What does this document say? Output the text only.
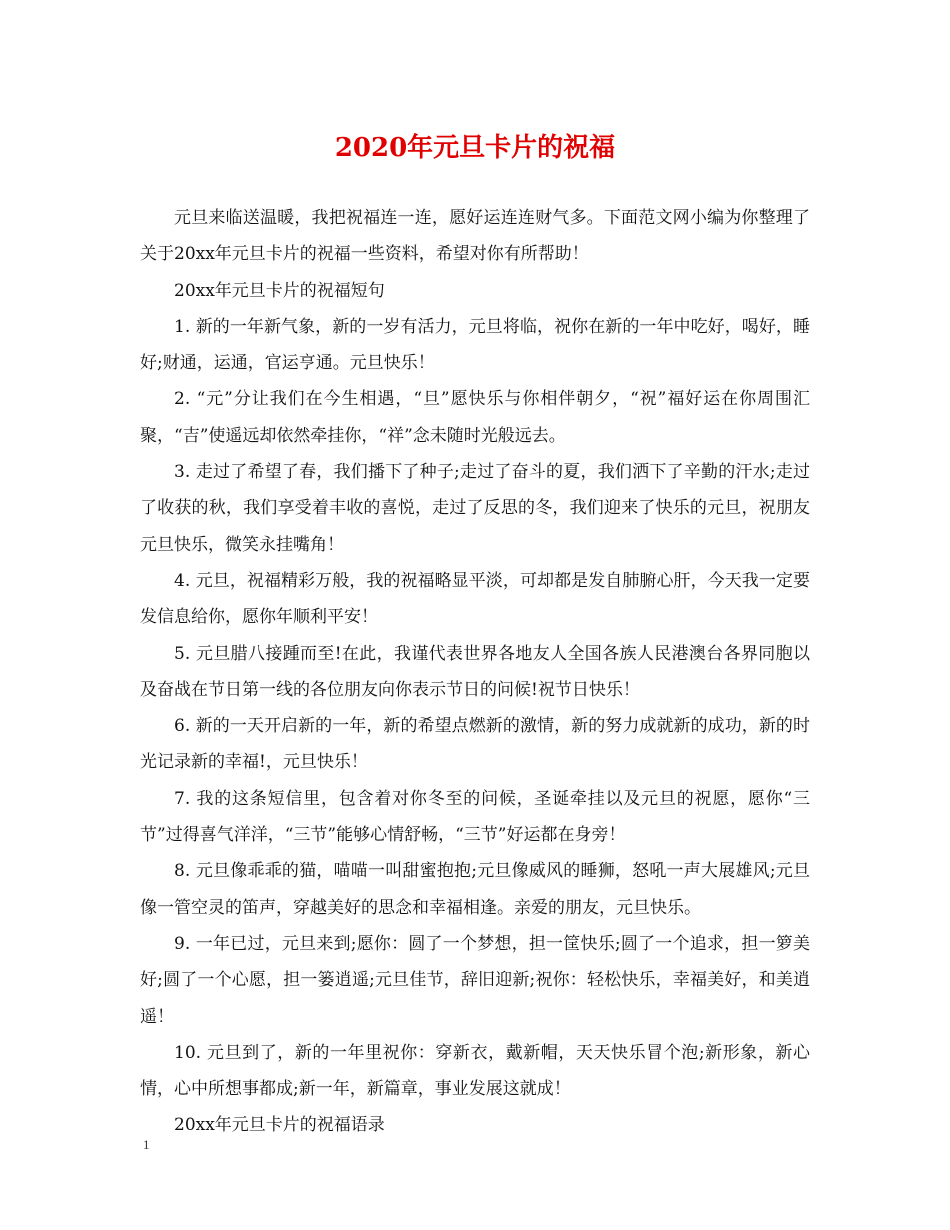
2020年元旦卡片的祝福

元旦来临送温暖，我把祝福连一连，愿好运连连财气多。下面范文网小编为你整理了关于20xx年元旦卡片的祝福一些资料，希望对你有所帮助！

20xx年元旦卡片的祝福短句

1. 新的一年新气象，新的一岁有活力，元旦将临，祝你在新的一年中吃好，喝好，睡好;财通，运通，官运亨通。元旦快乐！

2. “元”分让我们在今生相遇，“旦”愿快乐与你相伴朝夕，“祝”福好运在你周围汇聚，“吉”使遥远却依然牵挂你，“祥”念未随时光般远去。

3. 走过了希望了春，我们播下了种子;走过了奋斗的夏，我们洒下了辛勤的汗水;走过了收获的秋，我们享受着丰收的喜悦，走过了反思的冬，我们迎来了快乐的元旦，祝朋友元旦快乐，微笑永挂嘴角！

4. 元旦，祝福精彩万般，我的祝福略显平淡，可却都是发自肺腑心肝，今天我一定要发信息给你，愿你年顺利平安！

5. 元旦腊八接踵而至!在此，我谨代表世界各地友人全国各族人民港澳台各界同胞以及奋战在节日第一线的各位朋友向你表示节日的问候!祝节日快乐！

6. 新的一天开启新的一年，新的希望点燃新的激情，新的努力成就新的成功，新的时光记录新的幸福!，元旦快乐！

7. 我的这条短信里，包含着对你冬至的问候，圣诞牵挂以及元旦的祝愿，愿你“三节”过得喜气洋洋，“三节”能够心情舒畅，“三节”好运都在身旁！

8. 元旦像乖乖的猫，喵喵一叫甜蜜抱抱;元旦像威风的睡狮，怒吼一声大展雄风;元旦像一管空灵的笛声，穿越美好的思念和幸福相逢。亲爱的朋友，元旦快乐。

9. 一年已过，元旦来到;愿你：圆了一个梦想，担一筐快乐;圆了一个追求，担一箩美好;圆了一个心愿，担一篓逍遥;元旦佳节，辞旧迎新;祝你：轻松快乐，幸福美好，和美逍遥！

10. 元旦到了，新的一年里祝你：穿新衣，戴新帽，天天快乐冒个泡;新形象，新心情，心中所想事都成;新一年，新篇章，事业发展这就成！

20xx年元旦卡片的祝福语录

1
